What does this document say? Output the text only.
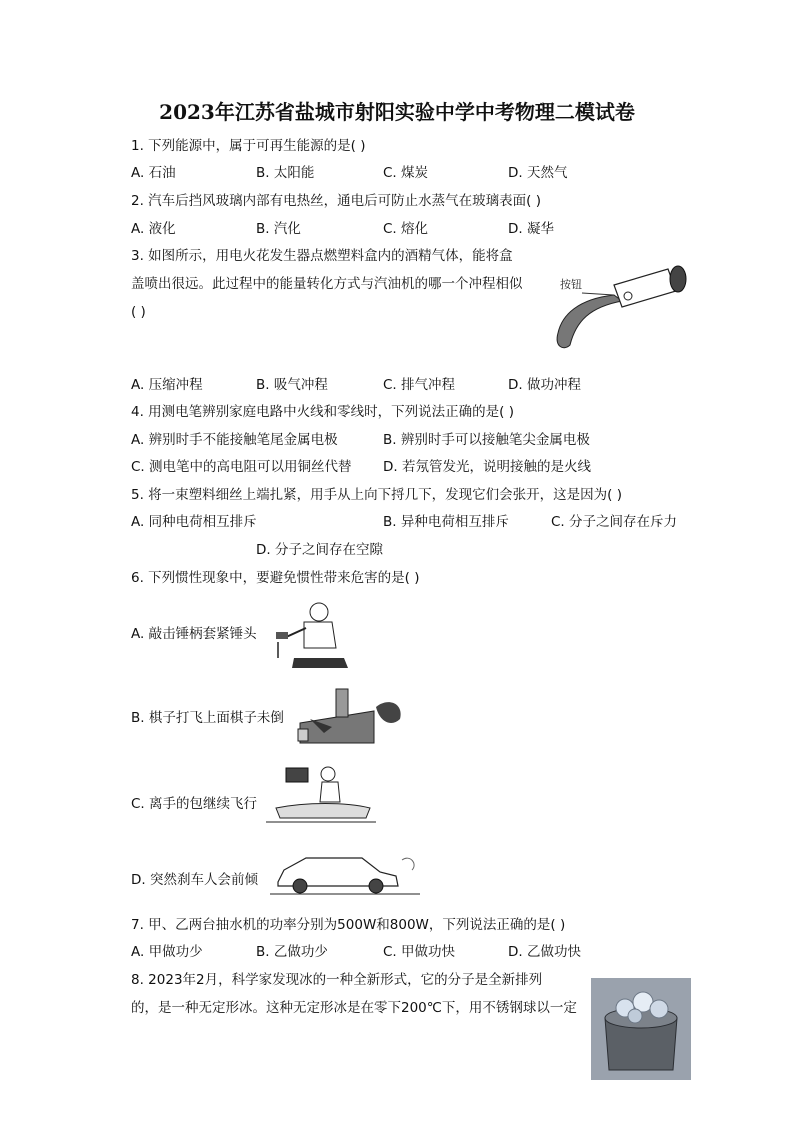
2023年江苏省盐城市射阳实验中学中考物理二模试卷
1. 下列能源中，属于可再生能源的是( )
A. 石油	B. 太阳能	C. 煤炭	D. 天然气
2. 汽车后挡风玻璃内部有电热丝，通电后可防止水蒸气在玻璃表面( )
A. 液化	B. 汽化	C. 熔化	D. 凝华
3. 如图所示，用电火花发生器点燃塑料盒内的酒精气体，能将盒
盖喷出很远。此过程中的能量转化方式与汽油机的哪一个冲程相似
( )
按钮
A. 压缩冲程	B. 吸气冲程	C. 排气冲程	D. 做功冲程
4. 用测电笔辨别家庭电路中火线和零线时，下列说法正确的是( )
A. 辨别时手不能接触笔尾金属电极	B. 辨别时手可以接触笔尖金属电极
C. 测电笔中的高电阻可以用铜丝代替 D. 若氖管发光，说明接触的是火线
5. 将一束塑料细丝上端扎紧，用手从上向下捋几下，发现它们会张开，这是因为( )
A. 同种电荷相互排斥	B. 异种电荷相互排斥	C. 分子之间存在斥力
D. 分子之间存在空隙
6. 下列惯性现象中，要避免惯性带来危害的是( )
A. 敲击锤柄套紧锤头
B. 棋子打飞上面棋子未倒
C. 离手的包继续飞行
D. 突然刹车人会前倾
7. 甲、乙两台抽水机的功率分别为500W和800W，下列说法正确的是( )
A. 甲做功少	B. 乙做功少	C. 甲做功快	D. 乙做功快
8. 2023年2月，科学家发现冰的一种全新形式，它的分子是全新排列
的，是一种无定形冰。这种无定形冰是在零下200℃下，用不锈钢球以一定
